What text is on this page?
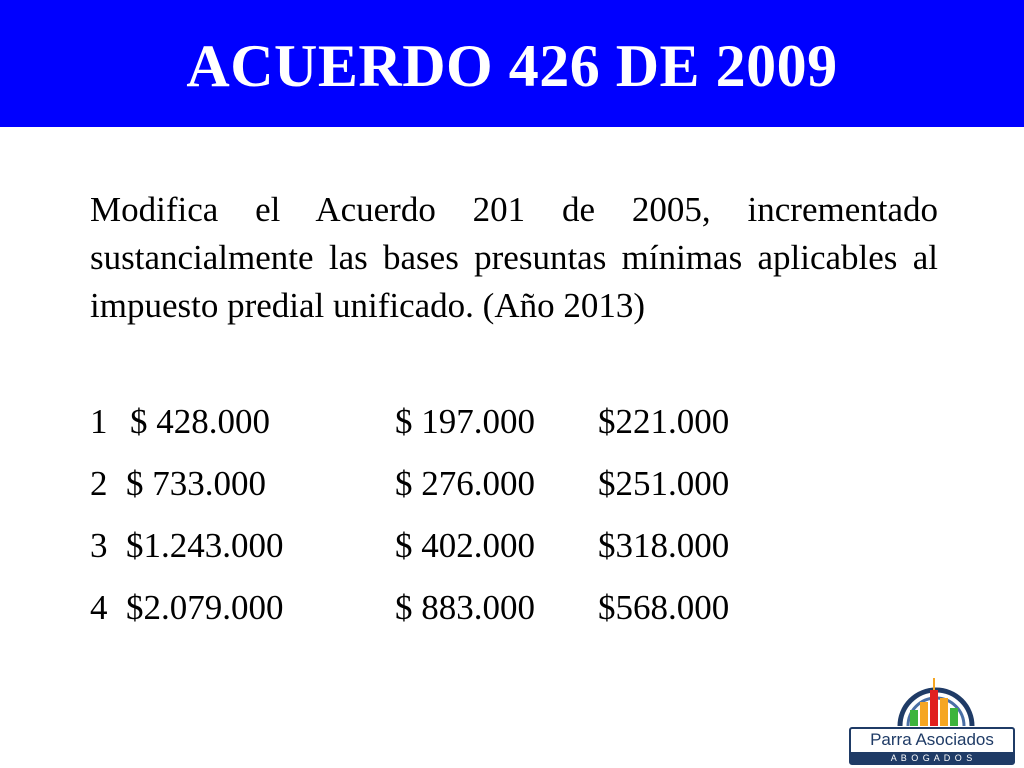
ACUERDO 426 DE 2009

Modifica el Acuerdo 201 de 2005, incrementado sustancialmente las bases presuntas mínimas aplicables al impuesto predial unificado. (Año 2013)

1 $ 428.000	$ 197.000 $221.000
2 $ 733.000	$ 276.000 $251.000
3 $1.243.000	$ 402.000 $318.000
4 $2.079.000	$ 883.000 $568.000
Parra Asociados
A B O G A D O S
